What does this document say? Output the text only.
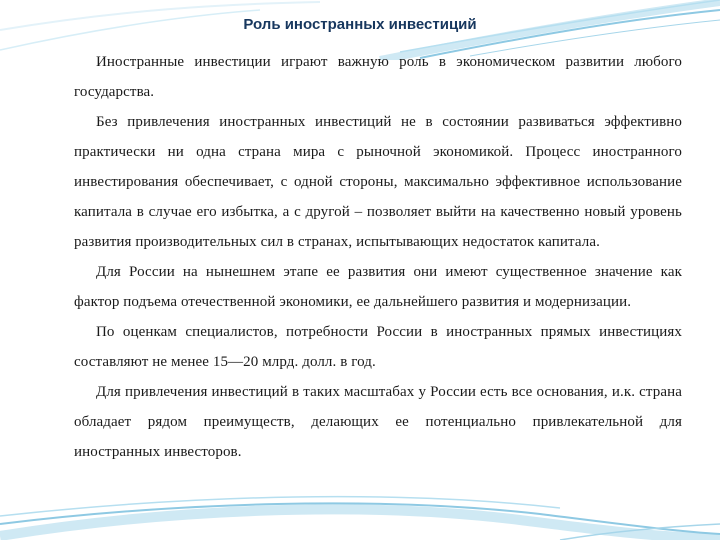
Роль иностранных инвестиций

Иностранные инвестиции играют важную роль в экономическом развитии любого государства.

Без привлечения иностранных инвестиций не в состоянии развиваться эффективно практически ни одна страна мира с рыночной экономикой. Процесс иностранного инвестирования обеспечивает, с одной стороны, максимально эффективное использование капитала в случае его избытка, а с другой – позволяет выйти на качественно новый уровень развития производительных сил в странах, испытывающих недостаток капитала.

Для России на нынешнем этапе ее развития они имеют существенное значение как фактор подъема отечественной экономики, ее дальнейшего развития и модернизации.

По оценкам специалистов, потребности России в иностранных прямых инвестициях составляют не менее 15—20 млрд. долл. в год.

Для привлечения инвестиций в таких масштабах у России есть все основания, и.к. страна обладает рядом преимуществ, делающих ее потенциально привлекательной для иностранных инвесторов.
